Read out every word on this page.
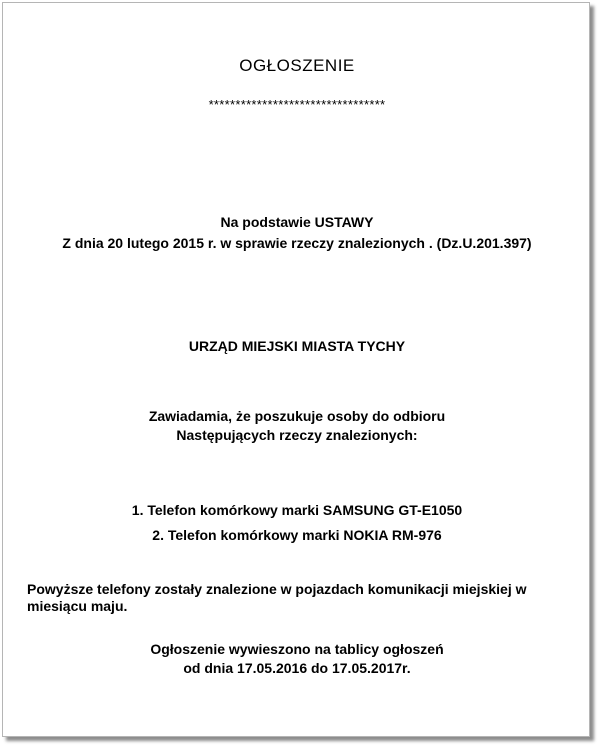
OGŁOSZENIE
*********************************
Na podstawie USTAWY
Z dnia 20 lutego 2015 r. w sprawie rzeczy znalezionych . (Dz.U.201.397)
URZĄD MIEJSKI MIASTA TYCHY
Zawiadamia, że poszukuje osoby do odbioru
Następujących rzeczy znalezionych:
1. Telefon komórkowy marki SAMSUNG GT-E1050
2. Telefon komórkowy marki NOKIA RM-976
Powyższe telefony zostały znalezione w pojazdach komunikacji miejskiej w miesiącu maju.
Ogłoszenie wywieszono na tablicy ogłoszeń
od dnia 17.05.2016 do 17.05.2017r.
